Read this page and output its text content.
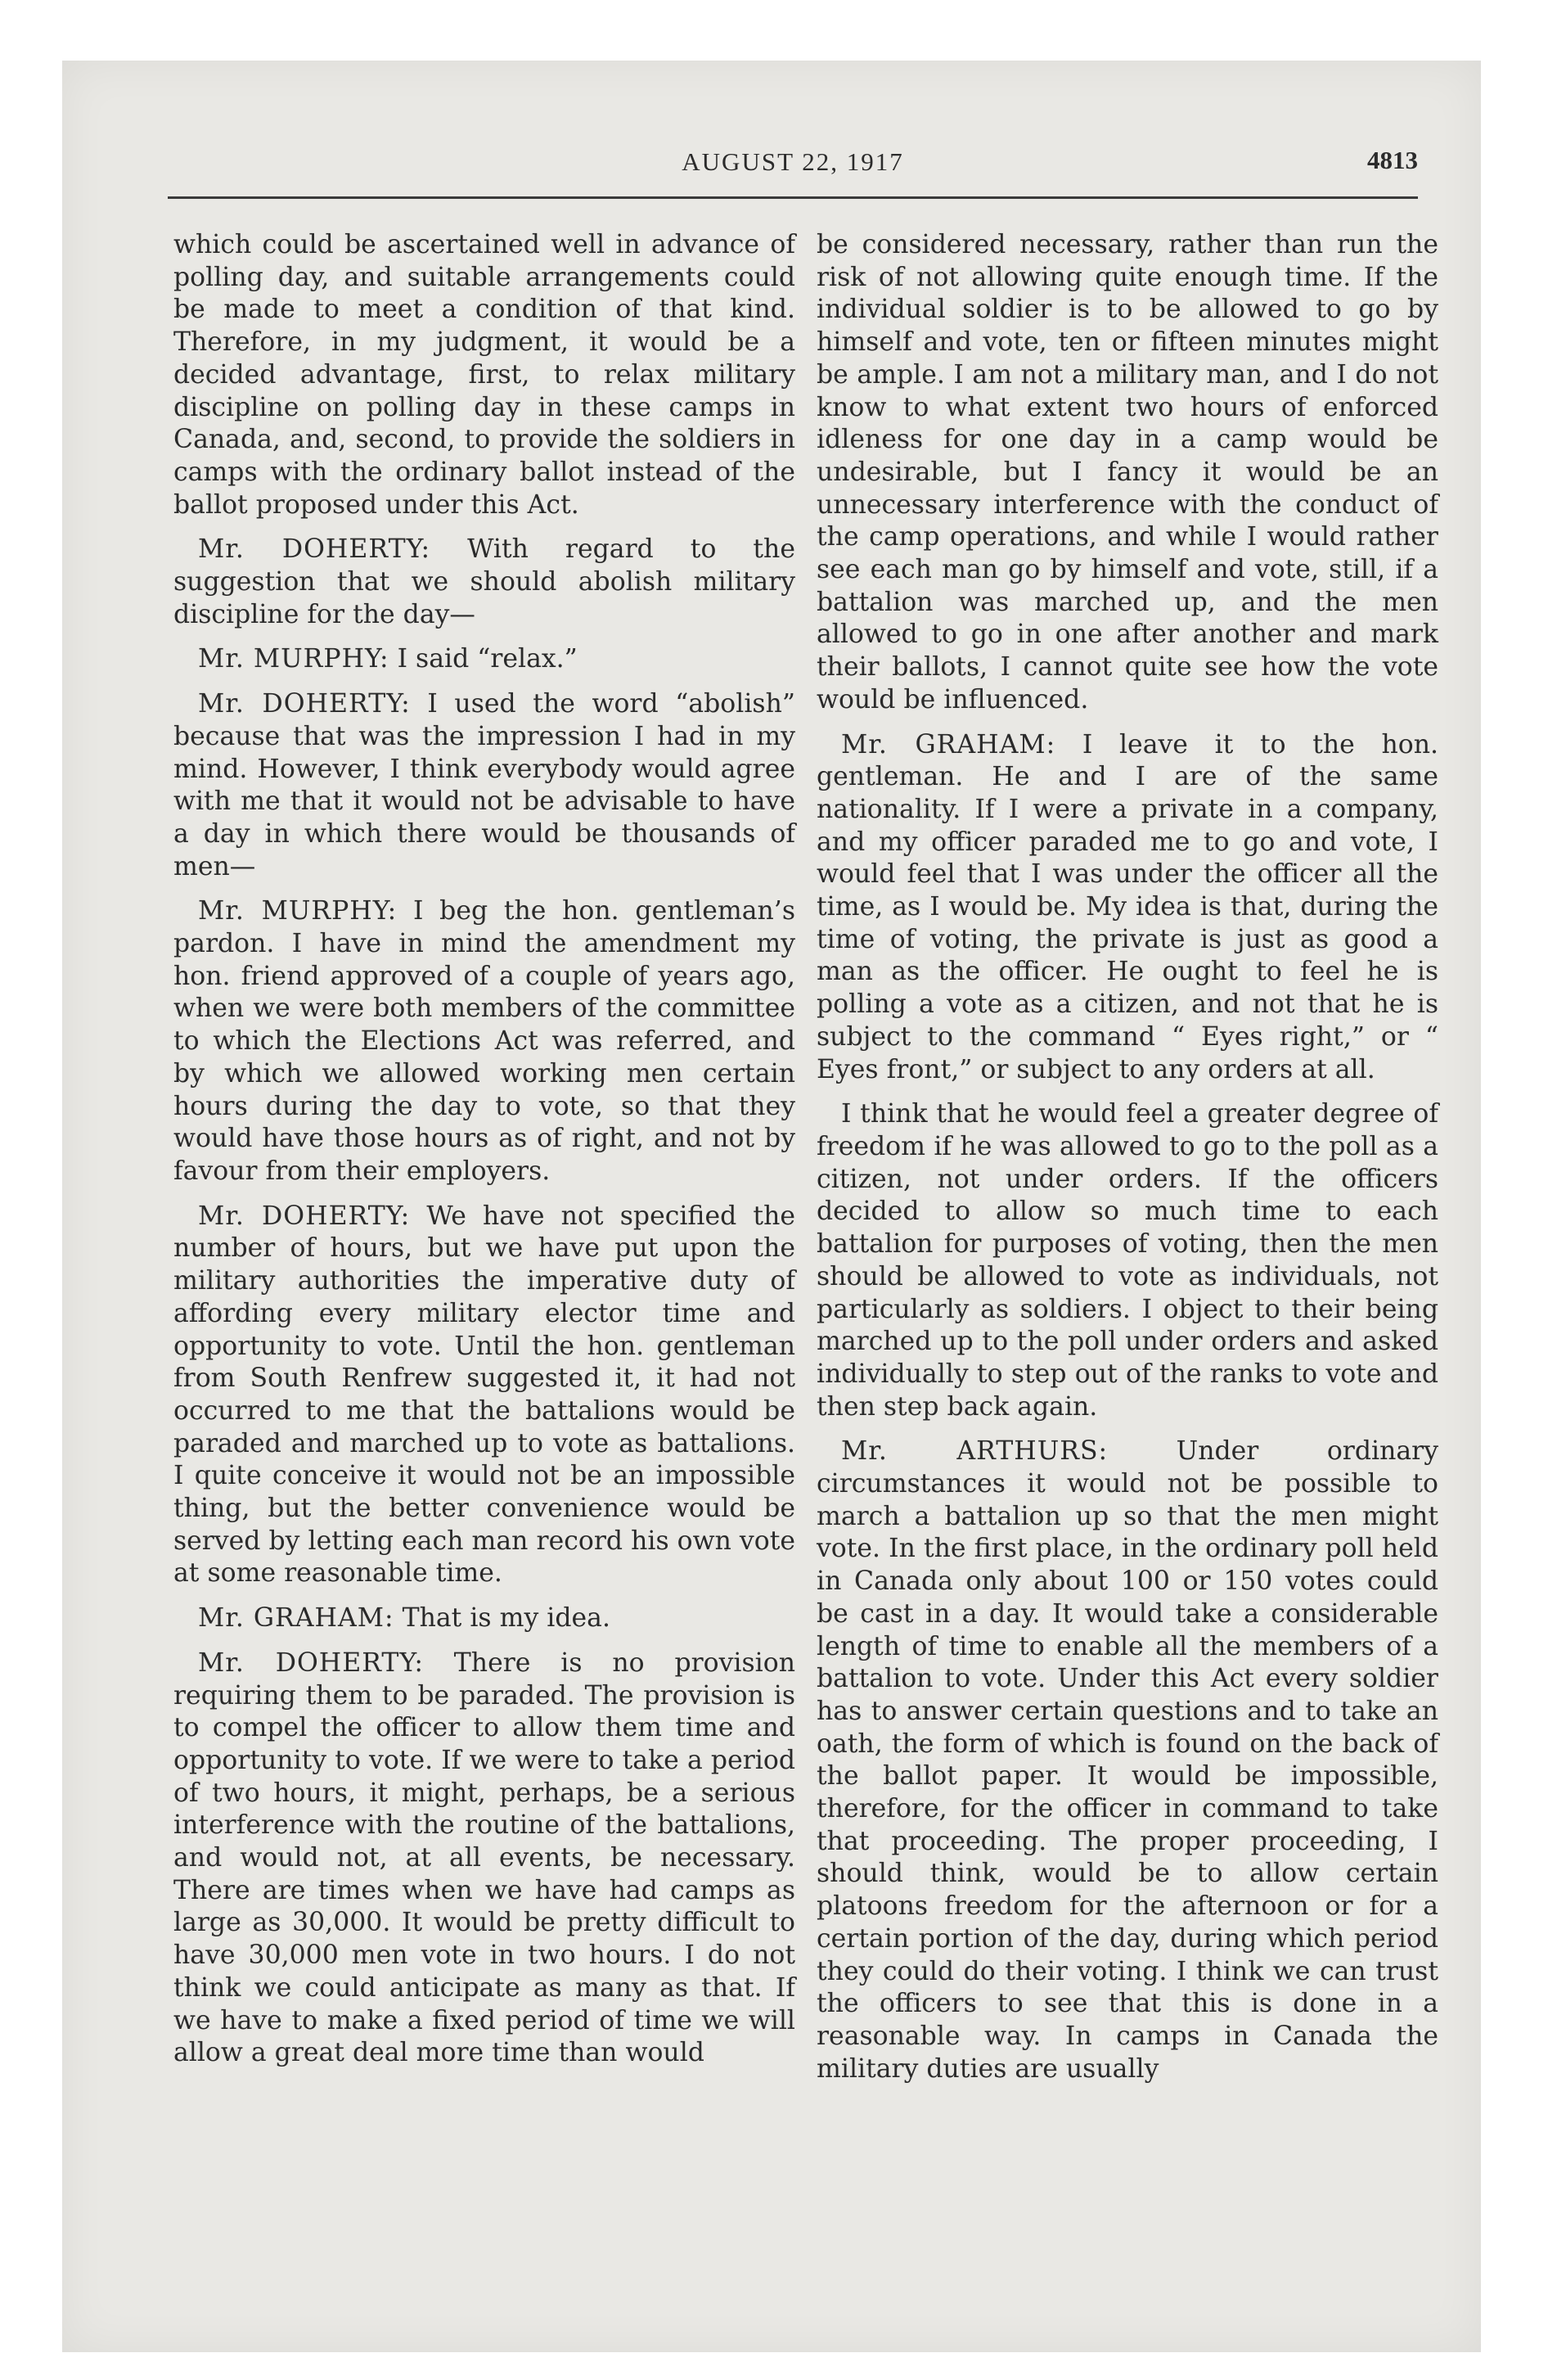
AUGUST 22, 1917	4813

which could be ascertained well in advance of polling day, and suitable arrangements could be made to meet a condition of that kind. Therefore, in my judgment, it would be a decided advantage, first, to relax military discipline on polling day in these camps in Canada, and, second, to provide the soldiers in camps with the ordinary ballot instead of the ballot proposed under this Act.

Mr. DOHERTY: With regard to the suggestion that we should abolish military discipline for the day—

Mr. MURPHY: I said “relax.”

Mr. DOHERTY: I used the word “abolish” because that was the impression I had in my mind. However, I think everybody would agree with me that it would not be advisable to have a day in which there would be thousands of men—

Mr. MURPHY: I beg the hon. gentleman’s pardon. I have in mind the amendment my hon. friend approved of a couple of years ago, when we were both members of the committee to which the Elections Act was referred, and by which we allowed working men certain hours during the day to vote, so that they would have those hours as of right, and not by favour from their employers.

Mr. DOHERTY: We have not specified the number of hours, but we have put upon the military authorities the imperative duty of affording every military elector time and opportunity to vote. Until the hon. gentleman from South Renfrew suggested it, it had not occurred to me that the battalions would be paraded and marched up to vote as battalions. I quite conceive it would not be an impossible thing, but the better convenience would be served by letting each man record his own vote at some reasonable time.

Mr. GRAHAM: That is my idea.

Mr. DOHERTY: There is no provision requiring them to be paraded. The provision is to compel the officer to allow them time and opportunity to vote. If we were to take a period of two hours, it might, perhaps, be a serious interference with the routine of the battalions, and would not, at all events, be necessary. There are times when we have had camps as large as 30,000. It would be pretty difficult to have 30,000 men vote in two hours. I do not think we could anticipate as many as that. If we have to make a fixed period of time we will allow a great deal more time than would

be considered necessary, rather than run the risk of not allowing quite enough time. If the individual soldier is to be allowed to go by himself and vote, ten or fifteen minutes might be ample. I am not a military man, and I do not know to what extent two hours of enforced idleness for one day in a camp would be undesirable, but I fancy it would be an unnecessary interference with the conduct of the camp operations, and while I would rather see each man go by himself and vote, still, if a battalion was marched up, and the men allowed to go in one after another and mark their ballots, I cannot quite see how the vote would be influenced.

Mr. GRAHAM: I leave it to the hon. gentleman. He and I are of the same nationality. If I were a private in a company, and my officer paraded me to go and vote, I would feel that I was under the officer all the time, as I would be. My idea is that, during the time of voting, the private is just as good a man as the officer. He ought to feel he is polling a vote as a citizen, and not that he is subject to the command “ Eyes right,” or “ Eyes front,” or subject to any orders at all.

I think that he would feel a greater degree of freedom if he was allowed to go to the poll as a citizen, not under orders. If the officers decided to allow so much time to each battalion for purposes of voting, then the men should be allowed to vote as individuals, not particularly as soldiers. I object to their being marched up to the poll under orders and asked individually to step out of the ranks to vote and then step back again.

Mr. ARTHURS:	Under ordinary circumstances it would not be possible to march a battalion up so that the men might vote. In the first place, in the ordinary poll held in Canada only about 100 or 150 votes could be cast in a day. It would take a considerable length of time to enable all the members of a battalion to vote. Under this Act every soldier has to answer certain questions and to take an oath, the form of which is found on the back of the ballot paper. It would be impossible, therefore, for the officer in command to take that proceeding. The proper proceeding, I should think, would be to allow certain platoons freedom for the afternoon or for a certain portion of the day, during which period they could do their voting. I think we can trust the officers to see that this is done in a reasonable way. In camps in Canada the military duties are usually
